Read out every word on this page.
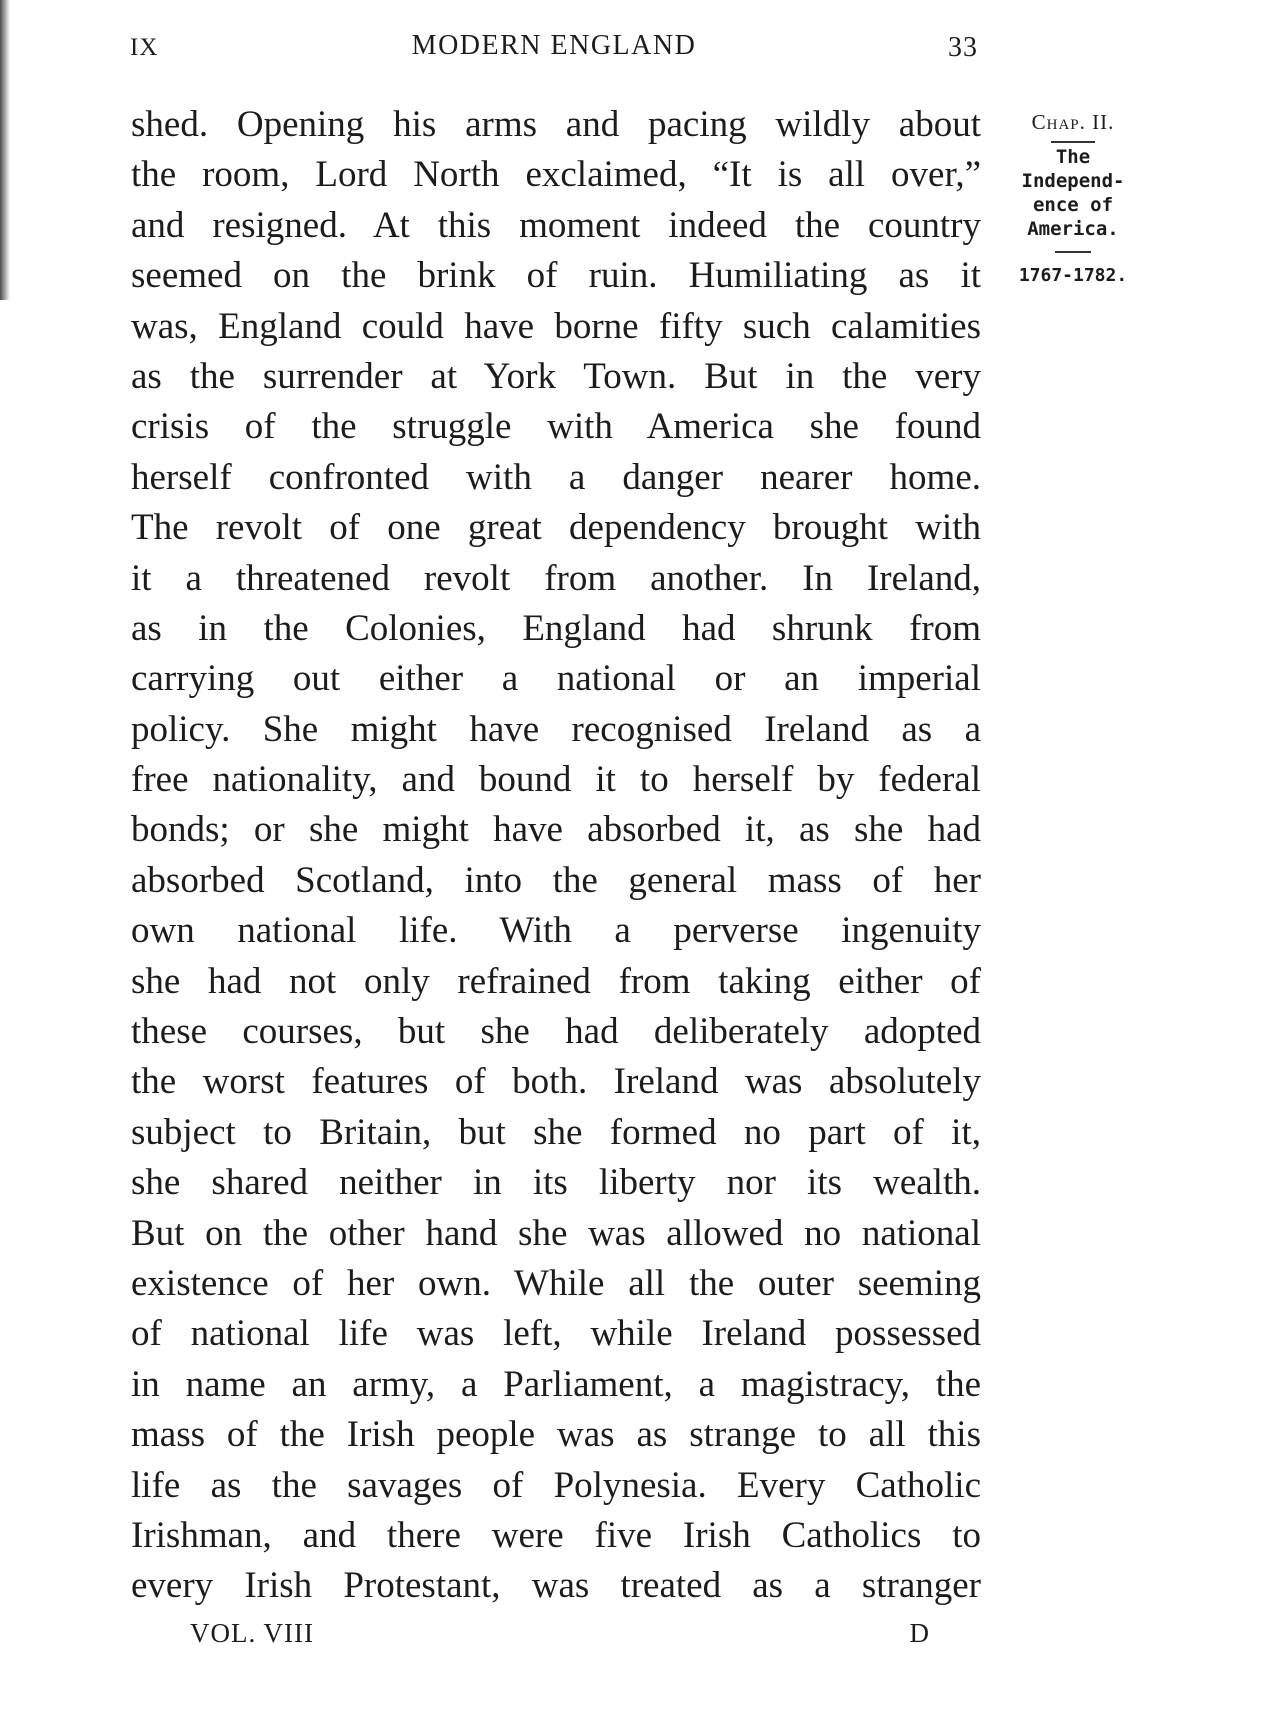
IX	MODERN ENGLAND	33
Chap. II.
The
Independ-
ence of
America.
1767-1782.
shed. Opening his arms and pacing wildly about
the room, Lord North exclaimed, “It is all over,”
and resigned. At this moment indeed the country
seemed on the brink of ruin. Humiliating as it
was, England could have borne fifty such calamities
as the surrender at York Town. But in the very
crisis of the struggle with America she found
herself confronted with a danger nearer home.
The revolt of one great dependency brought with
it a threatened revolt from another. In Ireland,
as in the Colonies, England had shrunk from
carrying out either a national or an imperial
policy. She might have recognised Ireland as a
free nationality, and bound it to herself by federal
bonds; or she might have absorbed it, as she had
absorbed Scotland, into the general mass of her
own national life. With a perverse ingenuity
she had not only refrained from taking either of
these courses, but she had deliberately adopted
the worst features of both. Ireland was absolutely
subject to Britain, but she formed no part of it,
she shared neither in its liberty nor its wealth.
But on the other hand she was allowed no national
existence of her own. While all the outer seeming
of national life was left, while Ireland possessed
in name an army, a Parliament, a magistracy, the
mass of the Irish people was as strange to all this
life as the savages of Polynesia. Every Catholic
Irishman, and there were five Irish Catholics to
every Irish Protestant, was treated as a stranger
VOL. VIII	D
